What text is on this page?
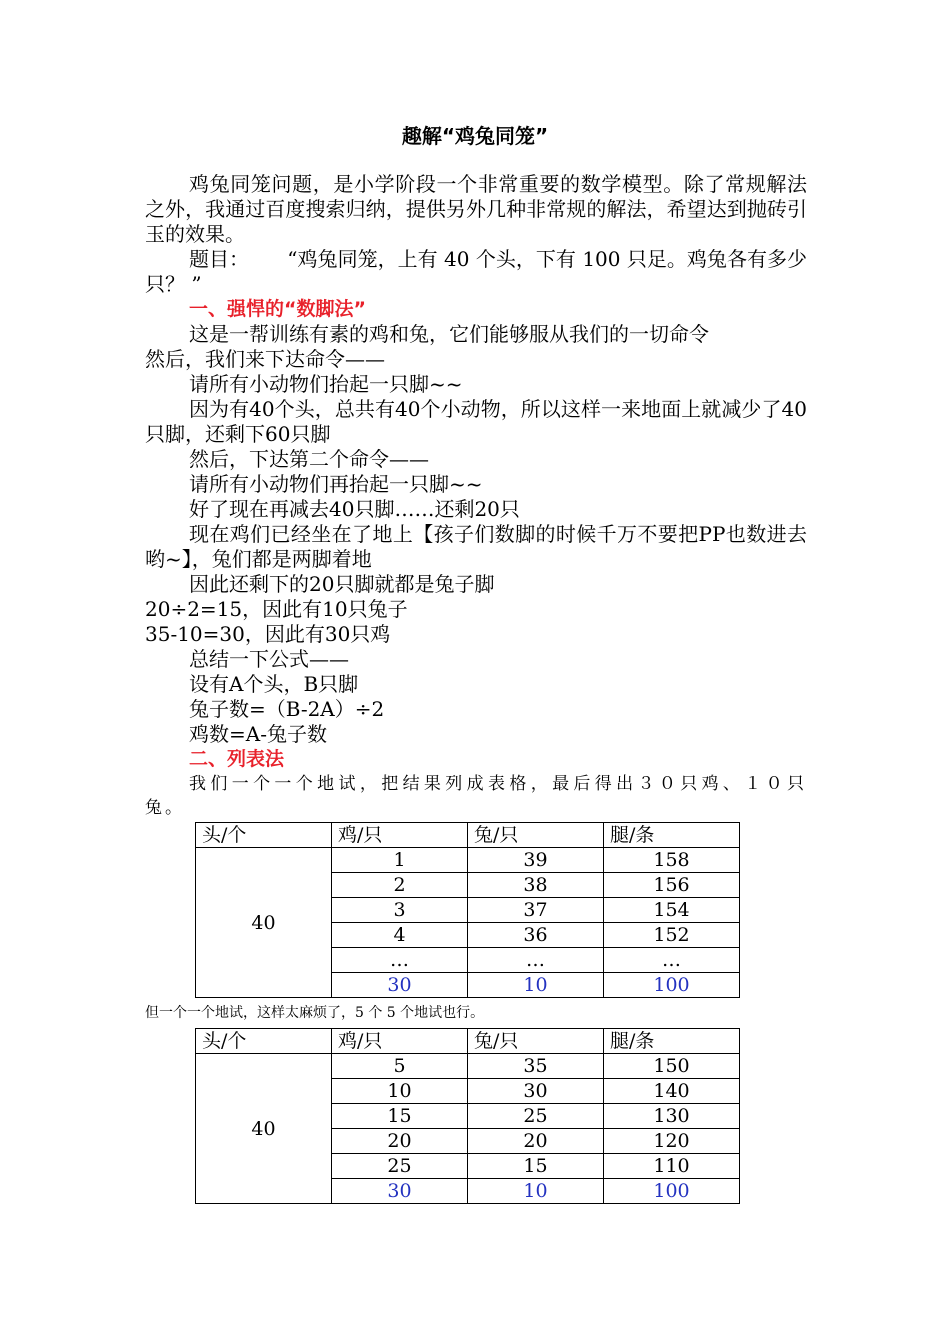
趣解“鸡兔同笼”

鸡兔同笼问题，是小学阶段一个非常重要的数学模型。除了常规解法之外，我通过百度搜索归纳，提供另外几种非常规的解法，希望达到抛砖引玉的效果。

题目：      “鸡兔同笼，上有 40 个头，下有 100 只足。鸡兔各有多少只？ ”

一、强悍的“数脚法”

这是一帮训练有素的鸡和兔，它们能够服从我们的一切命令

然后，我们来下达命令——

请所有小动物们抬起一只脚~~

因为有40个头，总共有40个小动物，所以这样一来地面上就减少了40只脚，还剩下60只脚

然后，下达第二个命令——

请所有小动物们再抬起一只脚~~

好了现在再减去40只脚……还剩20只

现在鸡们已经坐在了地上【孩子们数脚的时候千万不要把PP也数进去哟~】，兔们都是两脚着地

因此还剩下的20只脚就都是兔子脚

20÷2=15，因此有10只兔子

35-10=30，因此有30只鸡

总结一下公式——

设有A个头，B只脚

兔子数=（B-2A）÷2

鸡数=A-兔子数

二、列表法

我们一个一个地试，把结果列成表格，最后得出３０只鸡、１０只兔。

头/个	鸡/只	兔/只	腿/条
40	1	39	158
	2	38	156
	3	37	154
	4	36	152
	…	…	…
	30	10	100
但一个一个地试，这样太麻烦了，5 个 5 个地试也行。
头/个	鸡/只	兔/只	腿/条
40	5	35	150
	10	30	140
	15	25	130
	20	20	120
	25	15	110
	30	10	100
